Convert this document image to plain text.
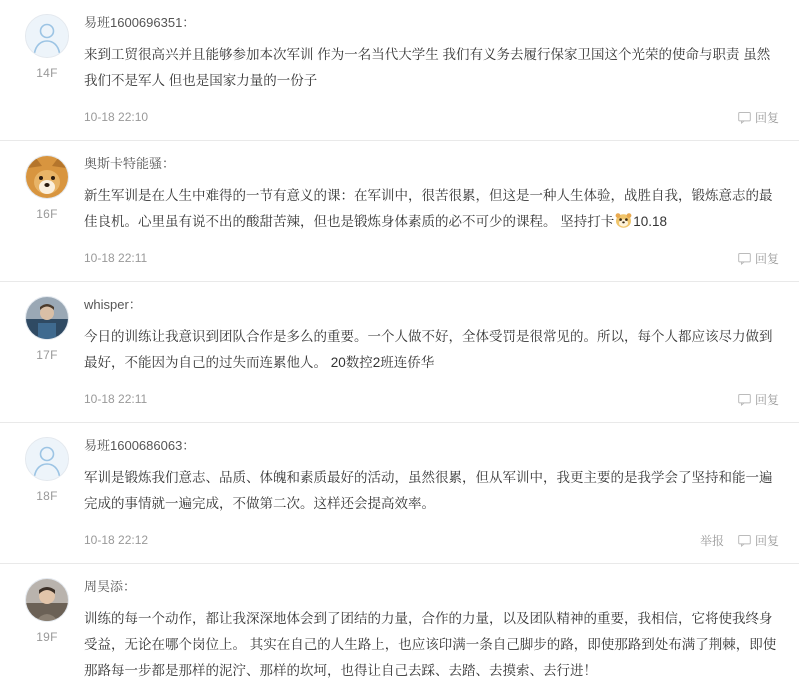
14F
易班1600696351：
来到工贸很高兴并且能够参加本次军训 作为一名当代大学生 我们有义务去履行保家卫国这个光荣的使命与职责 虽然我们不是军人 但也是国家力量的一份子
10-18 22:10	回复
16F
奥斯卡特能骚：
新生军训是在人生中难得的一节有意义的课：在军训中，很苦很累，但这是一种人生体验，战胜自我，锻炼意志的最佳良机。心里虽有说不出的酸甜苦辣，但也是锻炼身体素质的必不可少的课程。 坚持打卡 10.18
10-18 22:11	回复
17F
whisper：
今日的训练让我意识到团队合作是多么的重要。一个人做不好，全体受罚是很常见的。所以，每个人都应该尽力做到最好，不能因为自己的过失而连累他人。 20数控2班连侨华
10-18 22:11	回复
18F
易班1600686063：
军训是锻炼我们意志、品质、体魄和素质最好的活动，虽然很累，但从军训中，我更主要的是我学会了坚持和能一遍完成的事情就一遍完成，不做第二次。这样还会提高效率。
10-18 22:12	举报	回复
19F
周昊添：
训练的每一个动作，都让我深深地体会到了团结的力量，合作的力量，以及团队精神的重要，我相信，它将使我终身受益，无论在哪个岗位上。 其实在自己的人生路上，也应该印满一条自己脚步的路，即使那路到处布满了荆棘，即使那路每一步都是那样的泥泞、那样的坎坷，也得让自己去踩、去踏、去摸索、去行进！
